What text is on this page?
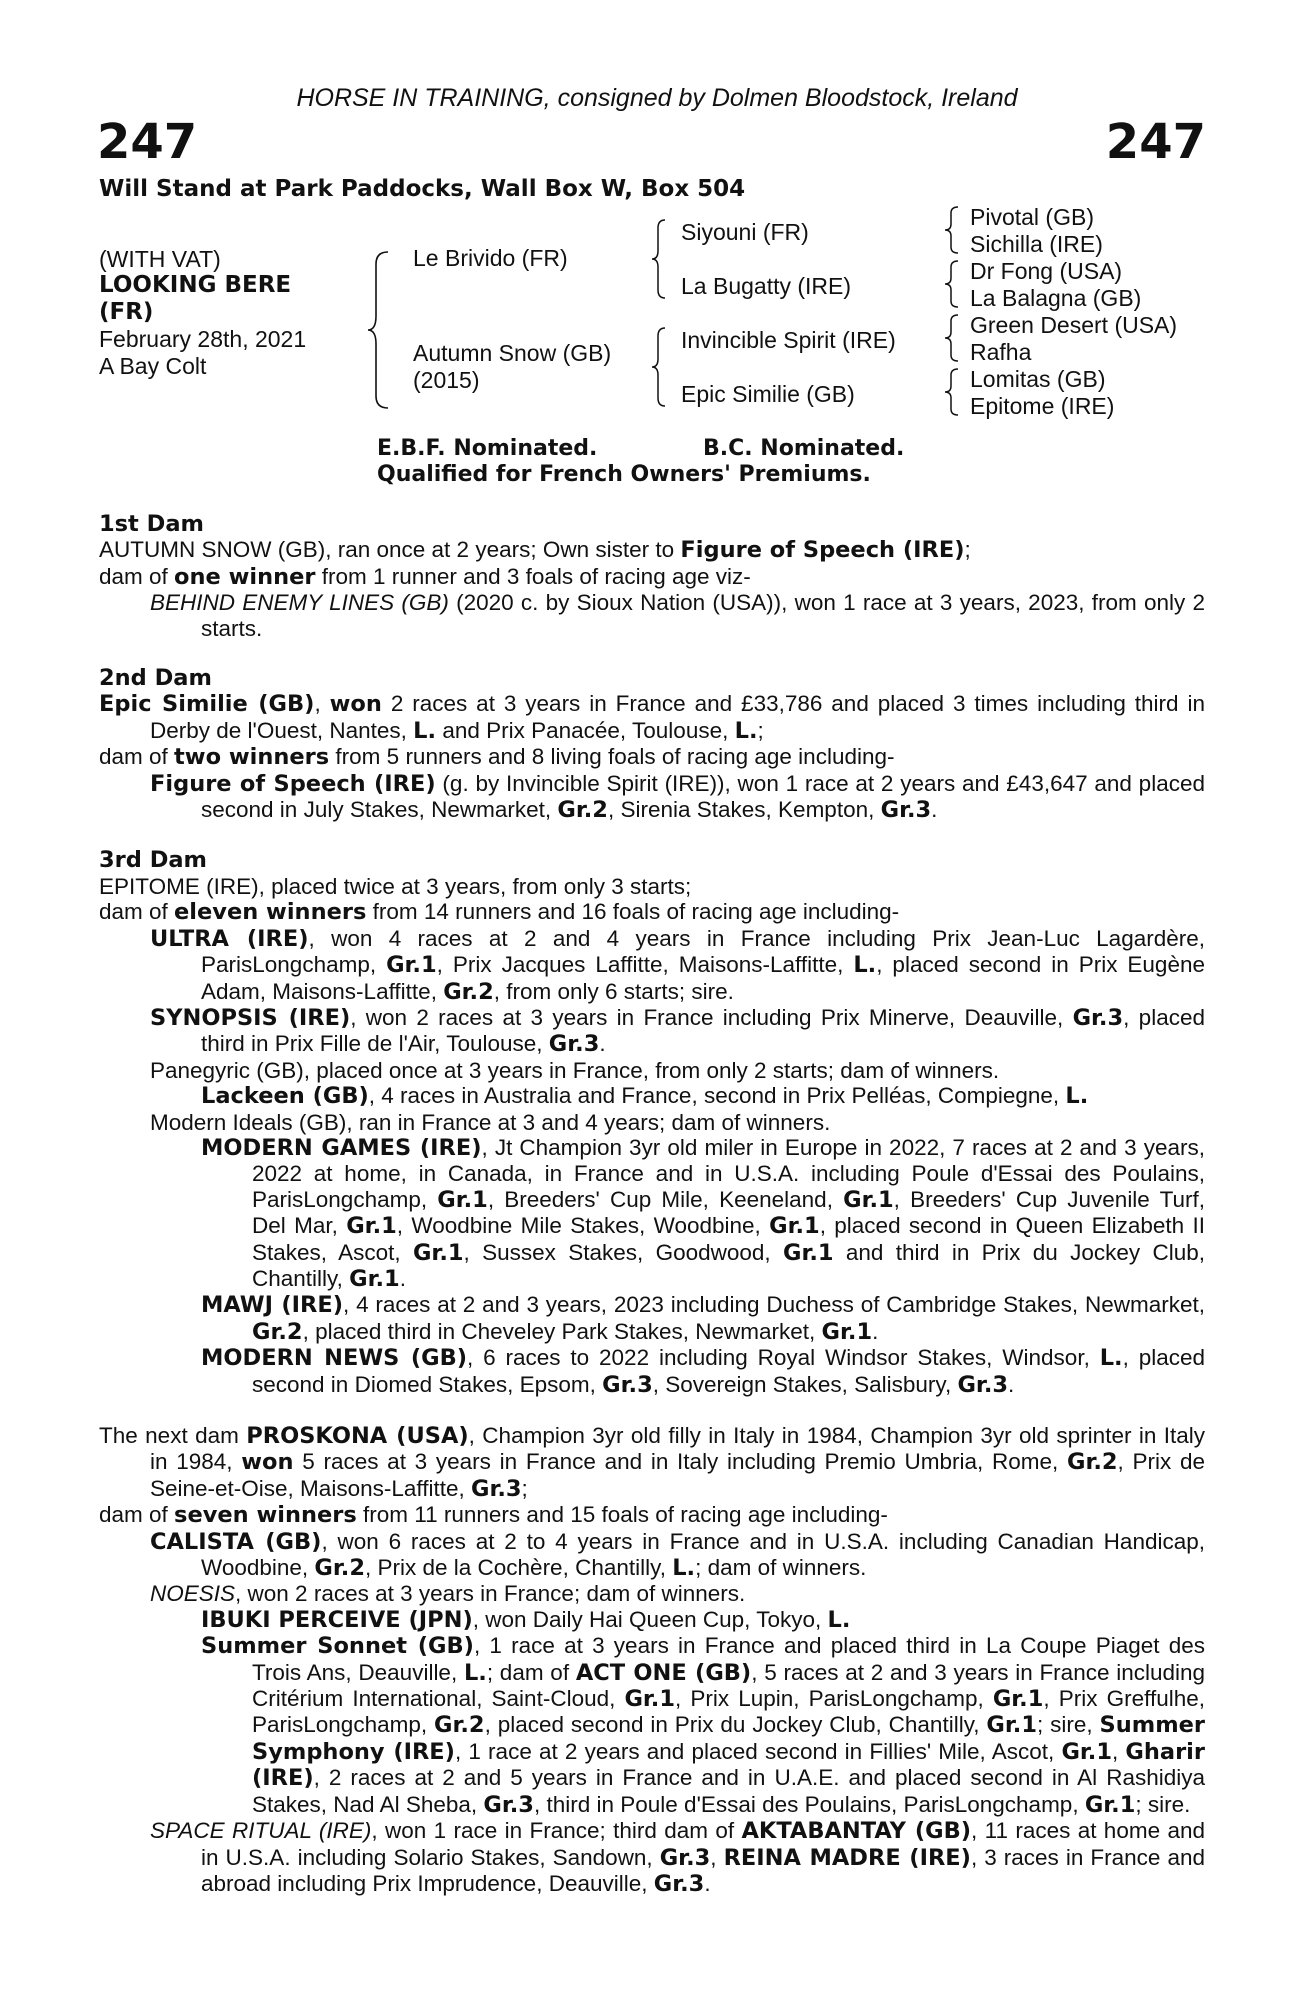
HORSE IN TRAINING, consigned by Dolmen Bloodstock, Ireland
247	247
Will Stand at Park Paddocks, Wall Box W, Box 504
(WITH VAT)
LOOKING BERE
(FR)
February 28th, 2021
A Bay Colt
Le Brivido (FR)
Autumn Snow (GB)
(2015)
Siyouni (FR)
La Bugatty (IRE)
Invincible Spirit (IRE)
Epic Similie (GB)
Pivotal (GB)
Sichilla (IRE)
Dr Fong (USA)
La Balagna (GB)
Green Desert (USA)
Rafha
Lomitas (GB)
Epitome (IRE)
E.B.F. Nominated.	B.C. Nominated.
Qualified for French Owners' Premiums.

1st Dam

AUTUMN SNOW (GB), ran once at 2 years; Own sister to Figure of Speech (IRE);

dam of one winner from 1 runner and 3 foals of racing age viz-

BEHIND ENEMY LINES (GB) (2020 c. by Sioux Nation (USA)), won 1 race at 3 years, 2023, from only 2 starts.

2nd Dam

Epic Similie (GB), won 2 races at 3 years in France and £33,786 and placed 3 times including third in Derby de l'Ouest, Nantes, L. and Prix Panacée, Toulouse, L.;

dam of two winners from 5 runners and 8 living foals of racing age including-

Figure of Speech (IRE) (g. by Invincible Spirit (IRE)), won 1 race at 2 years and £43,647 and placed second in July Stakes, Newmarket, Gr.2, Sirenia Stakes, Kempton, Gr.3.

3rd Dam

EPITOME (IRE), placed twice at 3 years, from only 3 starts;

dam of eleven winners from 14 runners and 16 foals of racing age including-

ULTRA (IRE), won 4 races at 2 and 4 years in France including Prix Jean-Luc Lagardère, ParisLongchamp, Gr.1, Prix Jacques Laffitte, Maisons-Laffitte, L., placed second in Prix Eugène Adam, Maisons-Laffitte, Gr.2, from only 6 starts; sire.

SYNOPSIS (IRE), won 2 races at 3 years in France including Prix Minerve, Deauville, Gr.3, placed third in Prix Fille de l'Air, Toulouse, Gr.3.

Panegyric (GB), placed once at 3 years in France, from only 2 starts; dam of winners.

Lackeen (GB), 4 races in Australia and France, second in Prix Pelléas, Compiegne, L.

Modern Ideals (GB), ran in France at 3 and 4 years; dam of winners.

MODERN GAMES (IRE), Jt Champion 3yr old miler in Europe in 2022, 7 races at 2 and 3 years, 2022 at home, in Canada, in France and in U.S.A. including Poule d'Essai des Poulains, ParisLongchamp, Gr.1, Breeders' Cup Mile, Keeneland, Gr.1, Breeders' Cup Juvenile Turf, Del Mar, Gr.1, Woodbine Mile Stakes, Woodbine, Gr.1, placed second in Queen Elizabeth II Stakes, Ascot, Gr.1, Sussex Stakes, Goodwood, Gr.1 and third in Prix du Jockey Club, Chantilly, Gr.1.

MAWJ (IRE), 4 races at 2 and 3 years, 2023 including Duchess of Cambridge Stakes, Newmarket, Gr.2, placed third in Cheveley Park Stakes, Newmarket, Gr.1.

MODERN NEWS (GB), 6 races to 2022 including Royal Windsor Stakes, Windsor, L., placed second in Diomed Stakes, Epsom, Gr.3, Sovereign Stakes, Salisbury, Gr.3.

The next dam PROSKONA (USA), Champion 3yr old filly in Italy in 1984, Champion 3yr old sprinter in Italy in 1984, won 5 races at 3 years in France and in Italy including Premio Umbria, Rome, Gr.2, Prix de Seine-et-Oise, Maisons-Laffitte, Gr.3;

dam of seven winners from 11 runners and 15 foals of racing age including-

CALISTA (GB), won 6 races at 2 to 4 years in France and in U.S.A. including Canadian Handicap, Woodbine, Gr.2, Prix de la Cochère, Chantilly, L.; dam of winners.

NOESIS, won 2 races at 3 years in France; dam of winners.

IBUKI PERCEIVE (JPN), won Daily Hai Queen Cup, Tokyo, L.

Summer Sonnet (GB), 1 race at 3 years in France and placed third in La Coupe Piaget des Trois Ans, Deauville, L.; dam of ACT ONE (GB), 5 races at 2 and 3 years in France including Critérium International, Saint-Cloud, Gr.1, Prix Lupin, ParisLongchamp, Gr.1, Prix Greffulhe, ParisLongchamp, Gr.2, placed second in Prix du Jockey Club, Chantilly, Gr.1; sire, Summer Symphony (IRE), 1 race at 2 years and placed second in Fillies' Mile, Ascot, Gr.1, Gharir (IRE), 2 races at 2 and 5 years in France and in U.A.E. and placed second in Al Rashidiya Stakes, Nad Al Sheba, Gr.3, third in Poule d'Essai des Poulains, ParisLongchamp, Gr.1; sire.

SPACE RITUAL (IRE), won 1 race in France; third dam of AKTABANTAY (GB), 11 races at home and in U.S.A. including Solario Stakes, Sandown, Gr.3, REINA MADRE (IRE), 3 races in France and abroad including Prix Imprudence, Deauville, Gr.3.
